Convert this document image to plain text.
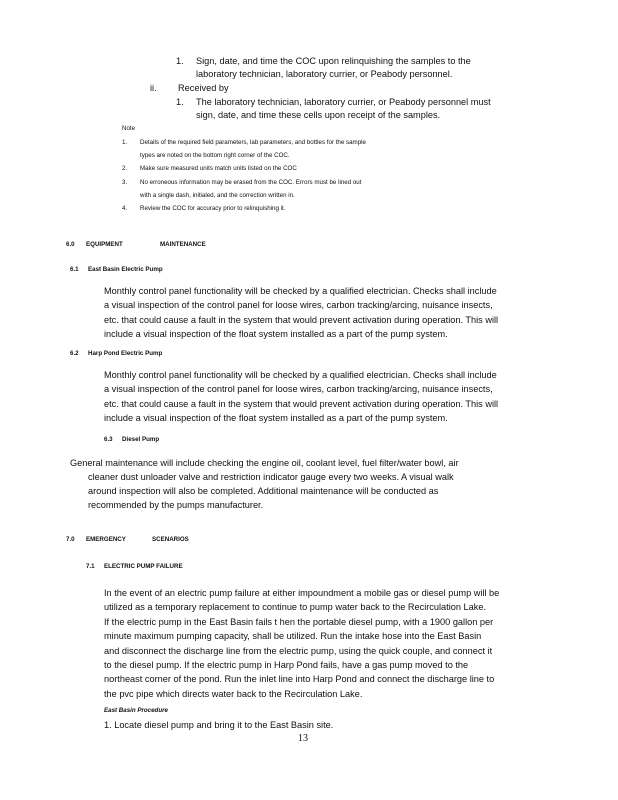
1. Sign, date, and time the COC upon relinquishing the samples to the
laboratory technician, laboratory currier, or Peabody personnel.
ii. Received by
1. The laboratory technician, laboratory currier, or Peabody personnel must
sign, date, and time these cells upon receipt of the samples.
Note
1. Details of the required field parameters, lab parameters, and bottles for the sample
types are noted on the bottom right corner of the COC.
2. Make sure measured units match units listed on the COC
3. No erroneous information may be erased from the COC. Errors must be lined out
with a single dash, initialed, and the correction written in.
4. Review the COC for accuracy prior to relinquishing it.
6.0 EQUIPMENT	MAINTENANCE
6.1 East Basin Electric Pump

Monthly control panel functionality will be checked by a qualified electrician. Checks shall include

a visual inspection of the control panel for loose wires, carbon tracking/arcing, nuisance insects,

etc. that could cause a fault in the system that would prevent activation during operation. This will

include a visual inspection of the float system installed as a part of the pump system.

6.2 Harp Pond Electric Pump

Monthly control panel functionality will be checked by a qualified electrician. Checks shall include

a visual inspection of the control panel for loose wires, carbon tracking/arcing, nuisance insects,

etc. that could cause a fault in the system that would prevent activation during operation. This will

include a visual inspection of the float system installed as a part of the pump system.

6.3 Diesel Pump
General maintenance will include checking the engine oil, coolant level, fuel filter/water bowl, air
cleaner dust unloader valve and restriction indicator gauge every two weeks. A visual walk
around inspection will also be completed. Additional maintenance will be conducted as
recommended by the pumps manufacturer.
7.0 EMERGENCY	SCENARIOS
7.1 ELECTRIC PUMP FAILURE

In the event of an electric pump failure at either impoundment a mobile gas or diesel pump will be

utilized as a temporary replacement to continue to pump water back to the Recirculation Lake.

If the electric pump in the East Basin fails t hen the portable diesel pump, with a 1900 gallon per

minute maximum pumping capacity, shall be utilized. Run the intake hose into the East Basin

and disconnect the discharge line from the electric pump, using the quick couple, and connect it

to the diesel pump. If the electric pump in Harp Pond fails, have a gas pump moved to the

northeast corner of the pond. Run the inlet line into Harp Pond and connect the discharge line to

the pvc pipe which directs water back to the Recirculation Lake.

East Basin Procedure
1. Locate diesel pump and bring it to the East Basin site.
13
